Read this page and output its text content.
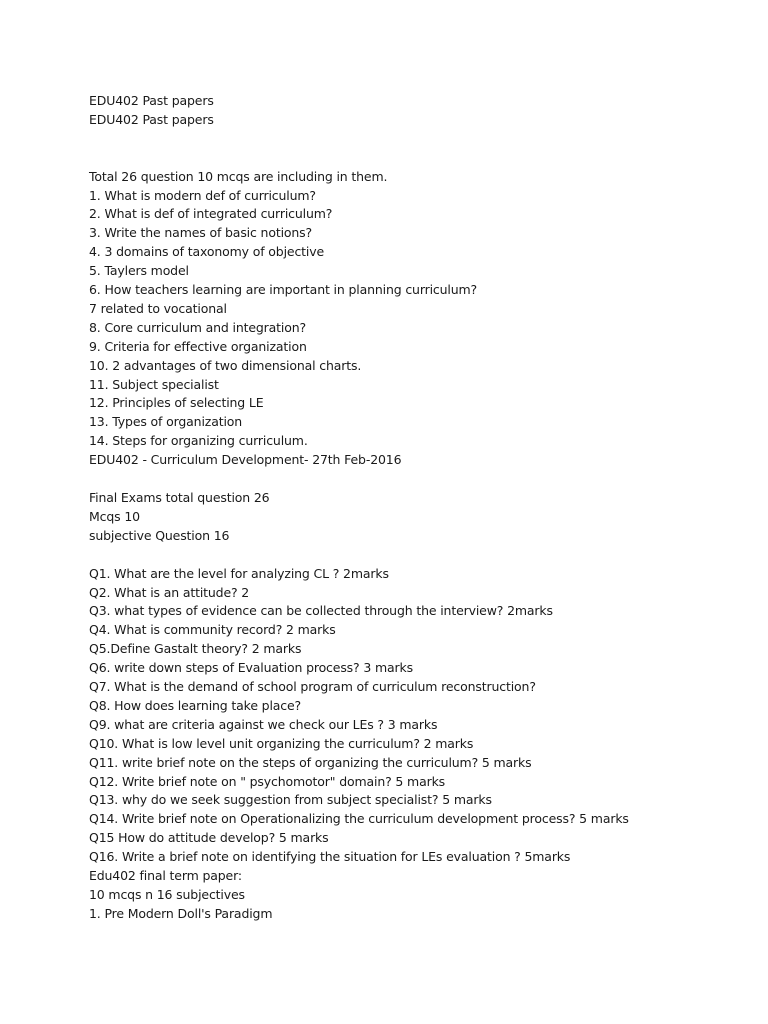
EDU402 Past papers
EDU402 Past papers
Total 26 question 10 mcqs are including in them.
1. What is modern def of curriculum?
2. What is def of integrated curriculum?
3. Write the names of basic notions?
4. 3 domains of taxonomy of objective
5. Taylers model
6. How teachers learning are important in planning curriculum?
7 related to vocational
8. Core curriculum and integration?
9. Criteria for effective organization
10. 2 advantages of two dimensional charts.
11. Subject specialist
12. Principles of selecting LE
13. Types of organization
14. Steps for organizing curriculum.
EDU402 - Curriculum Development- 27th Feb-2016
Final Exams total question 26
Mcqs 10
subjective Question 16
Q1. What are the level for analyzing CL ? 2marks
Q2. What is an attitude? 2
Q3. what types of evidence can be collected through the interview? 2marks
Q4. What is community record? 2 marks
Q5.Define Gastalt theory? 2 marks
Q6. write down steps of Evaluation process? 3 marks
Q7. What is the demand of school program of curriculum reconstruction?
Q8. How does learning take place?
Q9. what are criteria against we check our LEs ? 3 marks
Q10. What is low level unit organizing the curriculum? 2 marks
Q11. write brief note on the steps of organizing the curriculum? 5 marks
Q12. Write brief note on " psychomotor" domain? 5 marks
Q13. why do we seek suggestion from subject specialist? 5 marks
Q14. Write brief note on Operationalizing the curriculum development process? 5 marks
Q15 How do attitude develop? 5 marks
Q16. Write a brief note on identifying the situation for LEs evaluation ? 5marks
Edu402 final term paper:
10 mcqs n 16 subjectives
1. Pre Modern Doll's Paradigm
